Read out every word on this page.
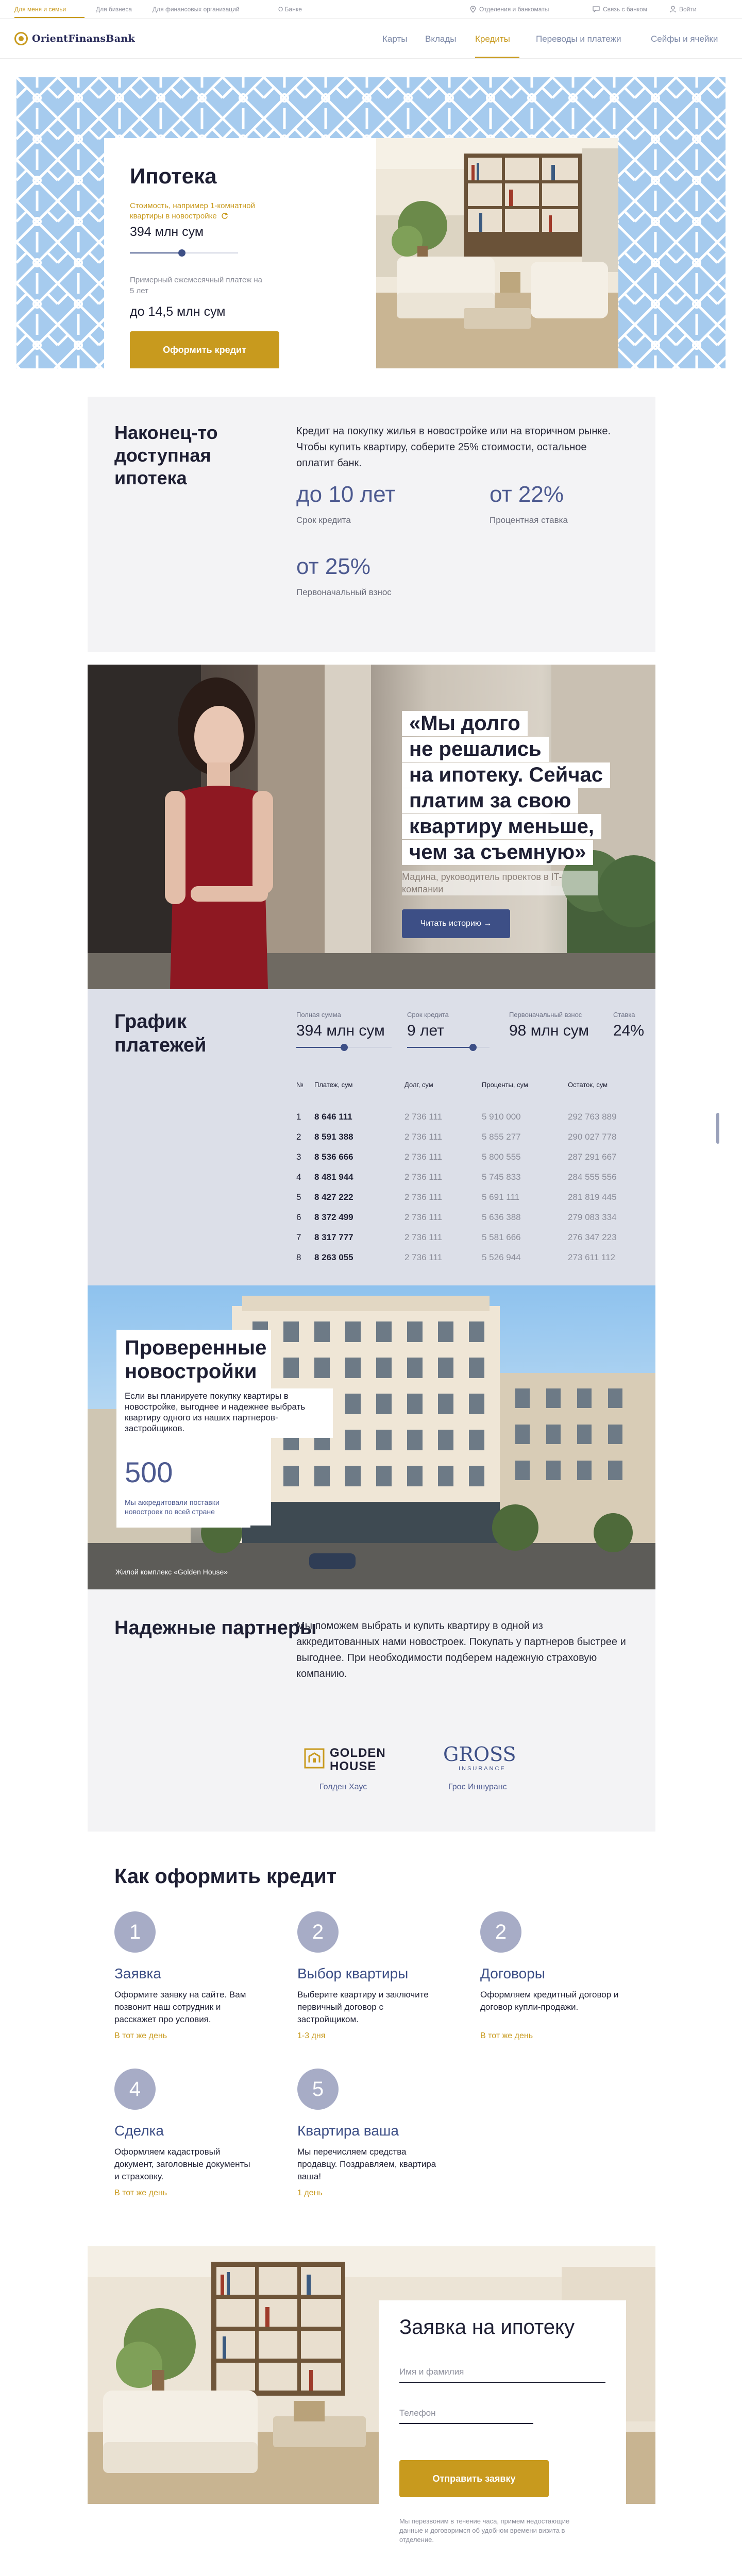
Для меня и семьи	Для бизнеса	Для финансовых организаций	О Банке	Отделения и банкоматы	Связь с банком	Войти
OrientFinansBank	Карты Вклады Кредиты	Переводы и платежи	Сейфы и ячейки
Ипотека
Стоимость, например 1-комнатной квартиры в новостройке
394 млн сум
Примерный ежемесячный платеж на 5 лет
до 14,5 млн сум
Оформить кредит
Наконец-то доступная ипотека
Кредит на покупку жилья в новостройке или на вторичном рынке. Чтобы купить квартиру, соберите 25% стоимости, остальное оплатит банк.
до 10 лет
Срок кредита
от 22%
Процентная ставка
от 25%
Первоначальный взнос
«Мы долго
не решались
на ипотеку. Сейчас
платим за свою
квартиру меньше,
чем за съемную»
Мадина, руководитель проектов в IT-компании
Читать историю →
График платежей
Полная сумма
394 млн сум
Срок кредита
9 лет
Первоначальный взнос
98 млн сум
Ставка
24%
№ Платеж, сум	Долг, сум	Проценты, сум	Остаток, сум
1 8 646 111	2 736 111	5 910 000	292 763 889
2 8 591 388	2 736 111	5 855 277	290 027 778
3 8 536 666	2 736 111	5 800 555	287 291 667
4 8 481 944	2 736 111	5 745 833	284 555 556
5 8 427 222	2 736 111	5 691 111	281 819 445
6 8 372 499	2 736 111	5 636 388	279 083 334
7 8 317 777	2 736 111	5 581 666	276 347 223
8 8 263 055	2 736 111	5 526 944	273 611 112
Проверенные новостройки
Если вы планируете покупку квартиры в новостройке, выгоднее и надежнее выбрать квартиру одного из наших партнеров-застройщиков.
500
Мы аккредитовали поставки новостроек по всей стране
Жилой комплекс «Golden House»
Надежные партнеры
Мы поможем выбрать и купить квартиру в одной из аккредитованных нами новостроек. Покупать у партнеров быстрее и выгоднее. При необходимости подберем надежную страховую компанию.
GOLDEN
HOUSE
Голден Хаус
GROSS
INSURANCE
Грос Иншуранс
Как оформить кредит
1
Заявка
Оформите заявку на сайте. Вам позвонит наш сотрудник и расскажет про условия.
В тот же день
2
Выбор квартиры
Выберите квартиру и заключите первичный договор с застройщиком.
1-3 дня
2
Договоры
Оформляем кредитный договор и договор купли-продажи.
В тот же день
4
Сделка
Оформляем кадастровый документ, заголовные документы и страховку.
В тот же день
5
Квартира ваша
Мы перечисляем средства продавцу. Поздравляем, квартира ваша!
1 день
Заявка на ипотеку
Имя и фамилия
Телефон
Отправить заявку
Мы перезвоним в течение часа, примем недостающие данные и договоримся об удобном времени визита в отделение.
